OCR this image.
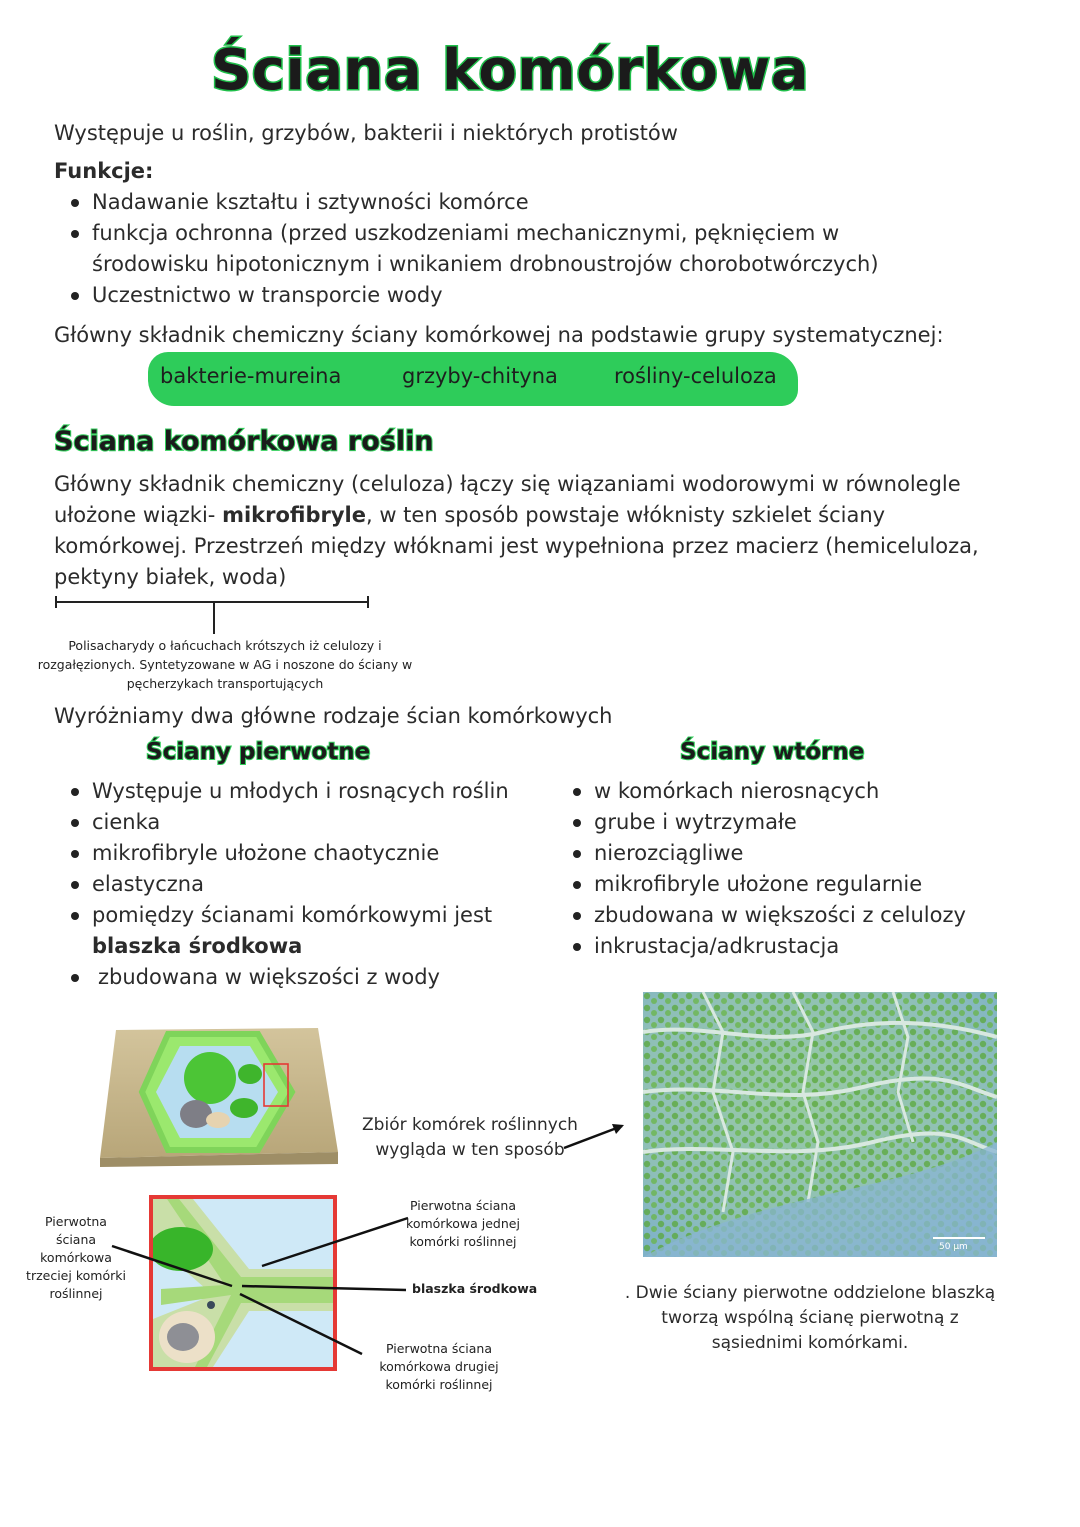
Ściana komórkowa
Występuje u roślin, grzybów, bakterii i niektórych protistów
Funkcje:
Nadawanie kształtu i sztywności komórce
funkcja ochronna (przed uszkodzeniami mechanicznymi, pęknięciem w środowisku hipotonicznym i wnikaniem drobnoustrojów chorobotwórczych)
Uczestnictwo w transporcie wody
Główny składnik chemiczny ściany komórkowej na podstawie grupy systematycznej:
bakterie-mureina	grzyby-chityna	rośliny-celuloza
Ściana komórkowa roślin
Główny składnik chemiczny (celuloza) łączy się wiązaniami wodorowymi w równolegle ułożone wiązki- mikrofibryle, w ten sposób powstaje włóknisty szkielet ściany komórkowej. Przestrzeń między włóknami jest wypełniona przez macierz (hemiceluloza, pektyny białek, woda)
Polisacharydy o łańcuchach krótszych iż celulozy i rozgałęzionych. Syntetyzowane w AG i noszone do ściany w pęcherzykach transportujących
Wyróżniamy dwa główne rodzaje ścian komórkowych
Ściany pierwotne	Ściany wtórne
Występuje u młodych i rosnących roślin
cienka
mikrofibryle ułożone chaotycznie
elastyczna
pomiędzy ścianami komórkowymi jest
blaszka środkowa
zbudowana w większości z wody
w komórkach nierosnących
grube i wytrzymałe
nierozciągliwe
mikrofibryle ułożone regularnie
zbudowana w większości z celulozy
inkrustacja/adkrustacja
50 µm
Zbiór komórek roślinnych wygląda w ten sposób
Pierwotna ściana komórkowa trzeciej komórki roślinnej
Pierwotna ściana komórkowa jednej komórki roślinnej
blaszka środkowa
Pierwotna ściana komórkowa drugiej komórki roślinnej
. Dwie ściany pierwotne oddzielone blaszką tworzą wspólną ścianę pierwotną z sąsiednimi komórkami.
